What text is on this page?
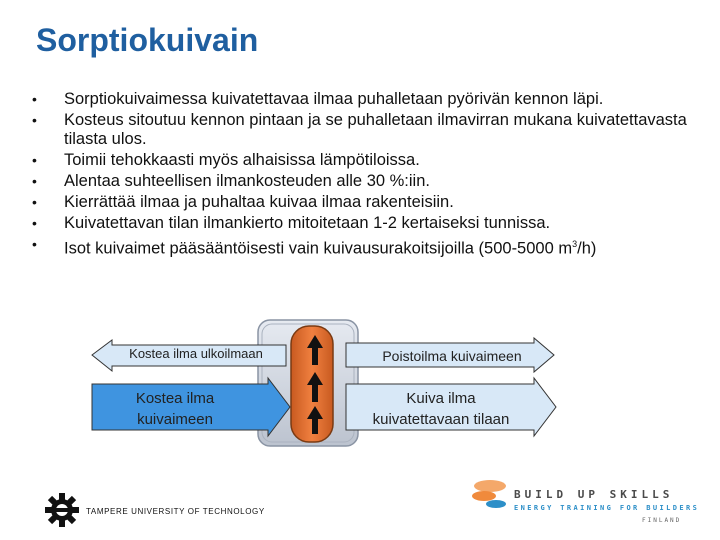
Sorptiokuivain
• Sorptiokuivaimessa kuivatettavaa ilmaa puhalletaan pyörivän kennon läpi.
• Kosteus sitoutuu kennon pintaan ja se puhalletaan ilmavirran mukana kuivatettavasta tilasta ulos.
• Toimii tehokkaasti myös alhaisissa lämpötiloissa.
• Alentaa suhteellisen ilmankosteuden alle 30 %:iin.
• Kierrättää ilmaa ja puhaltaa kuivaa ilmaa rakenteisiin.
• Kuivatettavan tilan ilmankierto mitoitetaan 1-2 kertaiseksi tunnissa.
• Isot kuivaimet pääsääntöisesti vain kuivausurakoitsijoilla (500-5000 $m^3/h$)
Kostea ilma ulkoilmaan	Poistoilma kuivaimeen
Kostea ilma
kuivaimeen
Kuiva ilma
kuivatettavaan tilaan
TAMPERE UNIVERSITY OF TECHNOLOGY
BUILD UP SKILLS
ENERGY TRAINING FOR BUILDERS
FINLAND
